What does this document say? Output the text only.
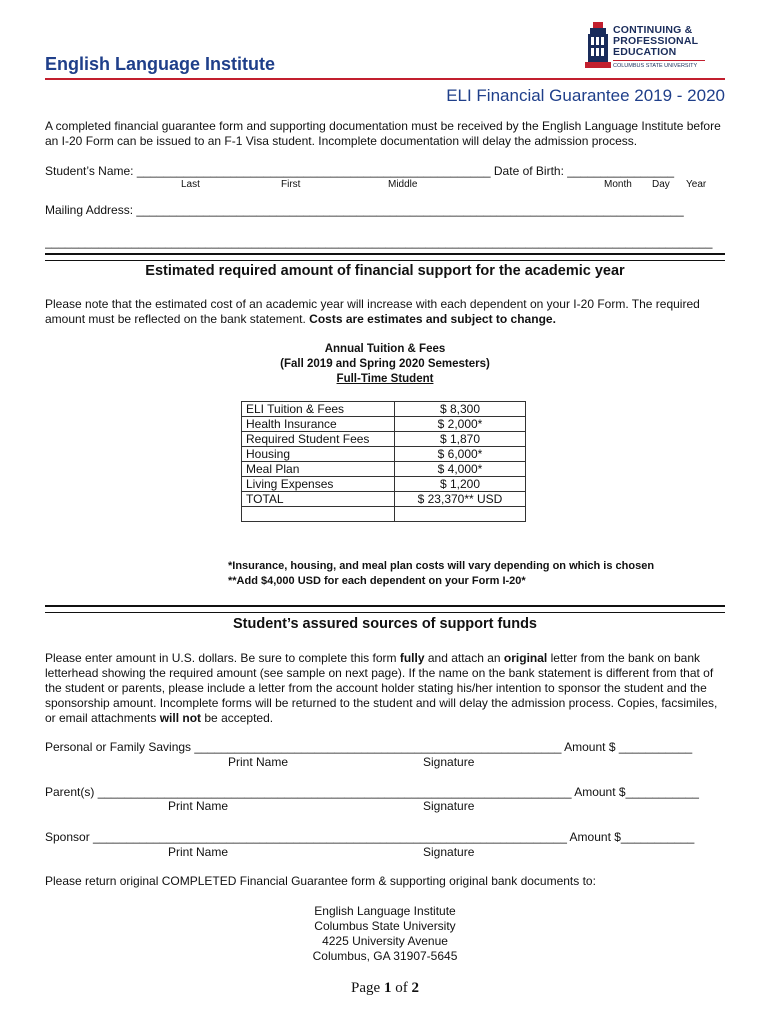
CONTINUING &
PROFESSIONAL
EDUCATION
COLUMBUS STATE UNIVERSITY
English Language Institute
ELI Financial Guarantee 2019 - 2020
A completed financial guarantee form and supporting documentation must be received by the English Language Institute before an I-20 Form can be issued to an F-1 Visa student. Incomplete documentation will delay the admission process.
Student’s Name: _____________________________________________________ Date of Birth: ________________
Last	First	Middle	Month Day Year
Mailing Address: __________________________________________________________________________________
____________________________________________________________________________________________________
Estimated required amount of financial support for the academic year
Please note that the estimated cost of an academic year will increase with each dependent on your I-20 Form. The required amount must be reflected on the bank statement. Costs are estimates and subject to change.
Annual Tuition & Fees
(Fall 2019 and Spring 2020 Semesters)
Full-Time Student
ELI Tuition & Fees	$ 8,300
Health Insurance	$ 2,000*
Required Student Fees	$ 1,870
Housing	$ 6,000*
Meal Plan	$ 4,000*
Living Expenses	$ 1,200
TOTAL	$ 23,370** USD

*Insurance, housing, and meal plan costs will vary depending on which is chosen
**Add $4,000 USD for each dependent on your Form I-20*
Student’s assured sources of support funds
Please enter amount in U.S. dollars. Be sure to complete this form fully and attach an original letter from the bank on bank letterhead showing the required amount (see sample on next page). If the name on the bank statement is different from that of the student or parents, please include a letter from the account holder stating his/her intention to sponsor the student and the sponsorship amount. Incomplete forms will be returned to the student and will delay the admission process. Copies, facsimiles, or email attachments will not be accepted.
Personal or Family Savings _______________________________________________________ Amount $ ___________
Print Name	Signature
Parent(s) _______________________________________________________________________ Amount $___________
Print Name	Signature
Sponsor _______________________________________________________________________ Amount $___________
Print Name	Signature
Please return original COMPLETED Financial Guarantee form & supporting original bank documents to:
English Language Institute
Columbus State University
4225 University Avenue
Columbus, GA 31907-5645
Page 1 of 2
